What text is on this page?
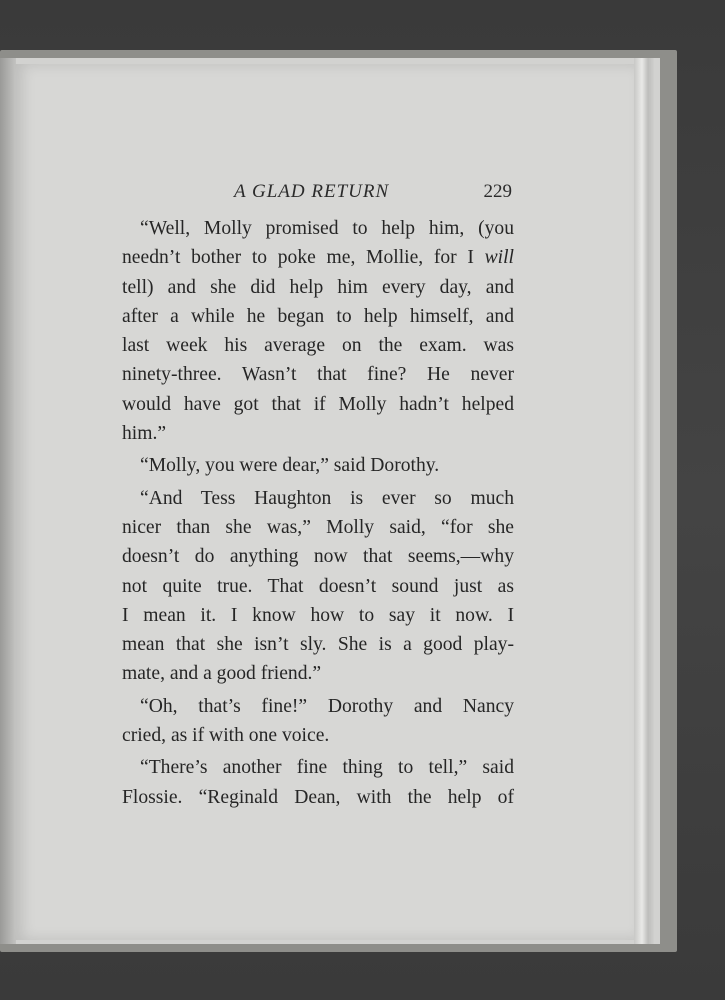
A GLAD RETURN	229
“Well, Molly promised to help him, (you
needn’t bother to poke me, Mollie, for I will
tell) and she did help him every day, and
after a while he began to help himself, and
last week his average on the exam. was
ninety-three. Wasn’t that fine? He never
would have got that if Molly hadn’t helped
him.”
“Molly, you were dear,” said Dorothy.
“And Tess Haughton is ever so much
nicer than she was,” Molly said, “for she
doesn’t do anything now that seems,—why
not quite true. That doesn’t sound just as
I mean it. I know how to say it now. I
mean that she isn’t sly. She is a good play-
mate, and a good friend.”
“Oh, that’s fine!” Dorothy and Nancy
cried, as if with one voice.
“There’s another fine thing to tell,” said
Flossie. “Reginald Dean, with the help of
